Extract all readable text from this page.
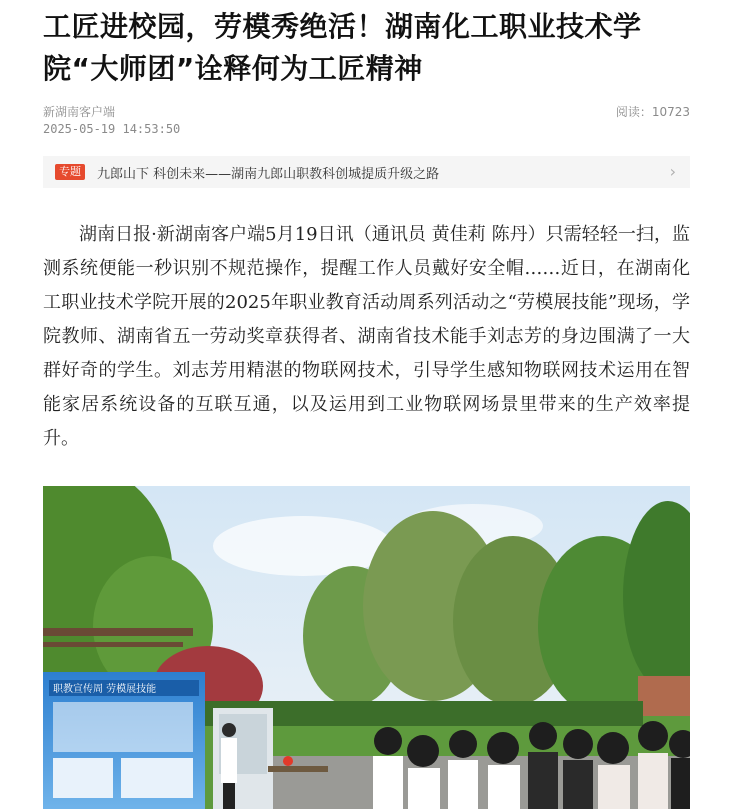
工匠进校园，劳模秀绝活！湖南化工职业技术学院“大师团”诠释何为工匠精神
新湖南客户端
2025-05-19 14:53:50
阅读：10723
专题	九郎山下 科创未来——湖南九郎山职教科创城提质升级之路	›

湖南日报·新湖南客户端5月19日讯（通讯员 黄佳莉 陈丹）只需轻轻一扫，监测系统便能一秒识别不规范操作，提醒工作人员戴好安全帽……近日，在湖南化工职业技术学院开展的2025年职业教育活动周系列活动之“劳模展技能”现场，学院教师、湖南省五一劳动奖章获得者、湖南省技术能手刘志芳的身边围满了一大群好奇的学生。刘志芳用精湛的物联网技术，引导学生感知物联网技术运用在智能家居系统设备的互联互通，以及运用到工业物联网场景里带来的生产效率提升。

职教宣传周 劳模展技能
